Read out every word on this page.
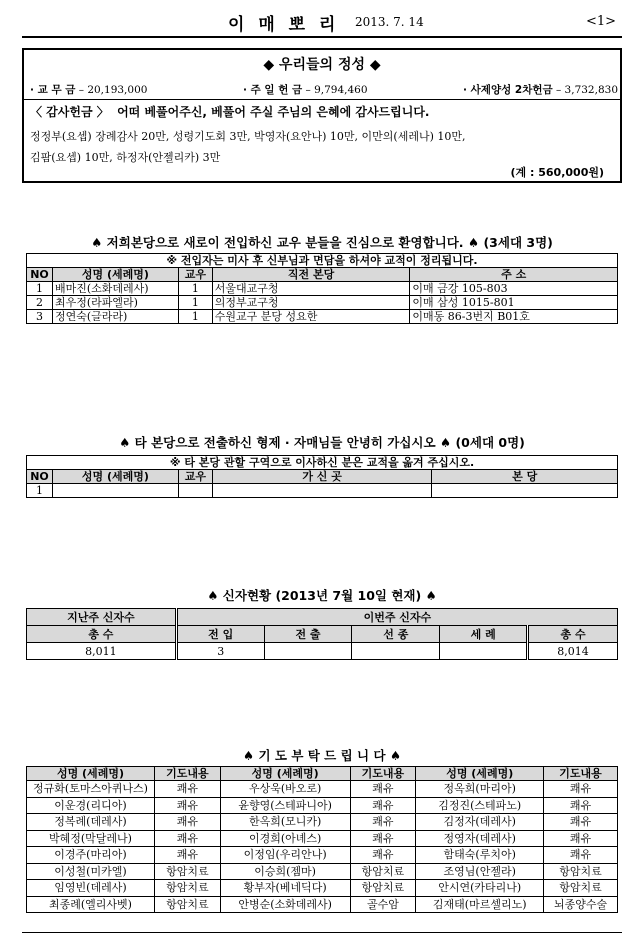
이 매 뽀 리 2013. 7. 14	<1>
◆ 우리들의 정성 ◆
· 교 무 금 – 20,193,000	· 주 일 헌 금 – 9,794,460	· 사제양성 2차헌금 – 3,732,830
〈 감사헌금 〉 어떠 베풀어주신, 베풀어 주실 주님의 은혜에 감사드립니다.
정정부(요셉) 장례감사 20만, 성령기도회 3만, 박영자(요안나) 10만, 이만의(세레나) 10만,
김팜(요셉) 10만, 하정자(안젤리카) 3만
(계 : 560,000원)
♠ 저희본당으로 새로이 전입하신 교우 분들을 진심으로 환영합니다. ♠ (3세대 3명)
※ 전입자는 미사 후 신부님과 면담을 하셔야 교적이 정리됩니다.				
NO	성명 (세례명)	교우	직전 본당	주 소
1	배마진(소화데레사)	1	서울대교구청	이매 금강 105-803
2	최우정(라파엘라)	1	의정부교구청	이매 삼성 1015-801
3	정연숙(글라라)	1	수원교구 분당 성요한	이매동 86-3번지 B01호
♠ 타 본당으로 전출하신 형제 · 자매님들 안녕히 가십시오 ♠ (0세대 0명)
※ 타 본당 관할 구역으로 이사하신 분은 교적을 옮겨 주십시오.				
NO	성명 (세례명)	교우	가 신 곳	본 당
1				
♠ 신자현황 (2013년 7월 10일 현재) ♠
지난주 신자수	이번주 신자수				
총 수	전 입	전 출	선 종	세 례	총 수
8,011	3				8,014
♠ 기 도 부 탁 드 립 니 다 ♠
성명 (세례명)	기도내용	성명 (세례명)	기도내용	성명 (세례명)	기도내용
정규화(토마스아퀴나스)	쾌유	우상욱(바오로)	쾌유	정옥희(마리아)	쾌유
이운경(리디아)	쾌유	윤향영(스테파니아)	쾌유	김정진(스테파노)	쾌유
정복례(데레사)	쾌유	한옥희(모니카)	쾌유	김정자(데레사)	쾌유
박혜정(막달레나)	쾌유	이경희(아녜스)	쾌유	정영자(데레사)	쾌유
이경주(마리아)	쾌유	이정임(우리안나)	쾌유	함태숙(루치아)	쾌유
이성철(미카엘)	항암치료	이승희(젬마)	항암치료	조영님(안젤라)	항암치료
임영빈(데레사)	항암치료	황부자(베네딕다)	항암치료	안시연(카타리나)	항암치료
최종례(엘리사벳)	항암치료	안병순(소화데레사)	골수암	김재태(마르셀리노)	뇌종양수술
